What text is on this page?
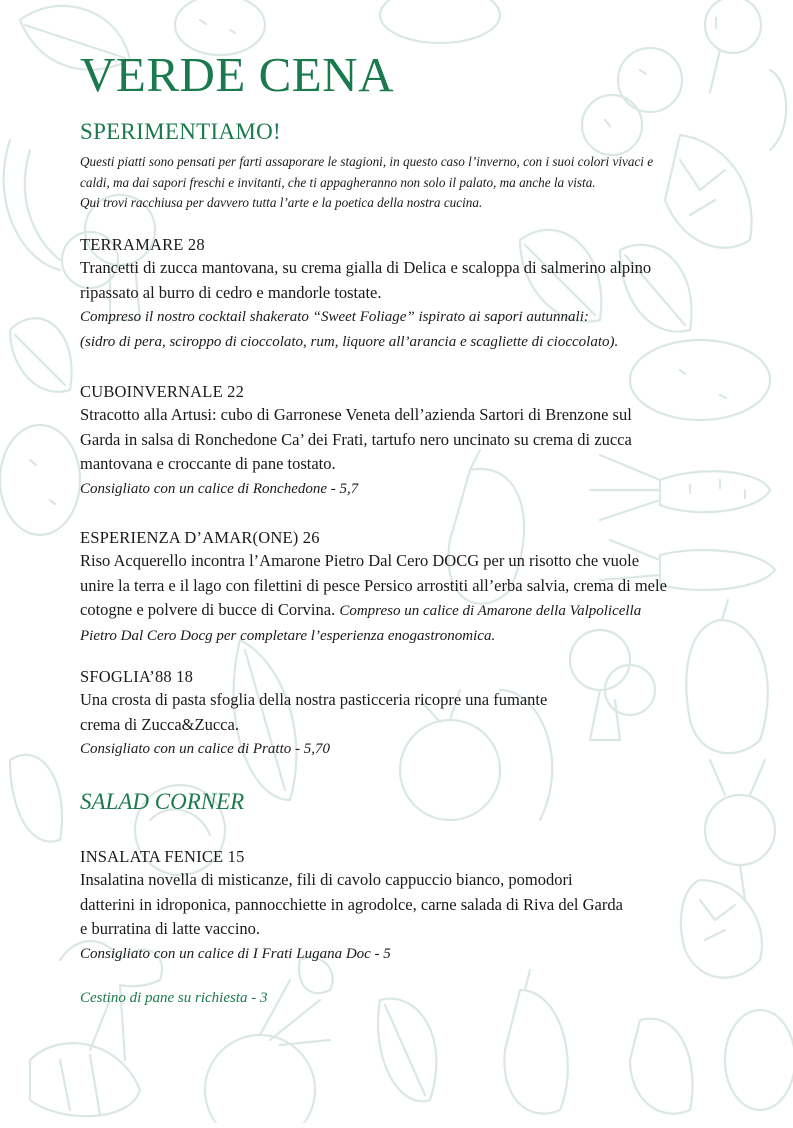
VERDE CENA
SPERIMENTIAMO!

Questi piatti sono pensati per farti assaporare le stagioni, in questo caso l’inverno, con i suoi colori vivaci e

caldi, ma dai sapori freschi e invitanti, che ti appagheranno non solo il palato, ma anche la vista.

Qui trovi racchiusa per davvero tutta l’arte e la poetica della nostra cucina.

TERRAMARE 28

Trancetti di zucca mantovana, su crema gialla di Delica e scaloppa di salmerino alpino

ripassato al burro di cedro e mandorle tostate.

Compreso il nostro cocktail shakerato “Sweet Foliage” ispirato ai sapori autunnali:

(sidro di pera, sciroppo di cioccolato, rum, liquore all’arancia e scagliette di cioccolato).

CUBOINVERNALE 22

Stracotto alla Artusi: cubo di Garronese Veneta dell’azienda Sartori di Brenzone sul

Garda in salsa di Ronchedone Ca’ dei Frati, tartufo nero uncinato su crema di zucca

mantovana e croccante di pane tostato.

Consigliato con un calice di Ronchedone - 5,7

ESPERIENZA D’AMAR(ONE) 26

Riso Acquerello incontra l’Amarone Pietro Dal Cero DOCG per un risotto che vuole

unire la terra e il lago con filettini di pesce Persico arrostiti all’erba salvia, crema di mele

cotogne e polvere di bucce di Corvina. Compreso un calice di Amarone della Valpolicella

Pietro Dal Cero Docg per completare l’esperienza enogastronomica.

SFOGLIA’88 18

Una crosta di pasta sfoglia della nostra pasticceria ricopre una fumante

crema di Zucca&Zucca.

Consigliato con un calice di Pratto - 5,70

SALAD CORNER

INSALATA FENICE 15

Insalatina novella di misticanze, fili di cavolo cappuccio bianco, pomodori

datterini in idroponica, pannocchiette in agrodolce, carne salada di Riva del Garda

e burratina di latte vaccino.

Consigliato con un calice di I Frati Lugana Doc - 5

Cestino di pane su richiesta - 3
